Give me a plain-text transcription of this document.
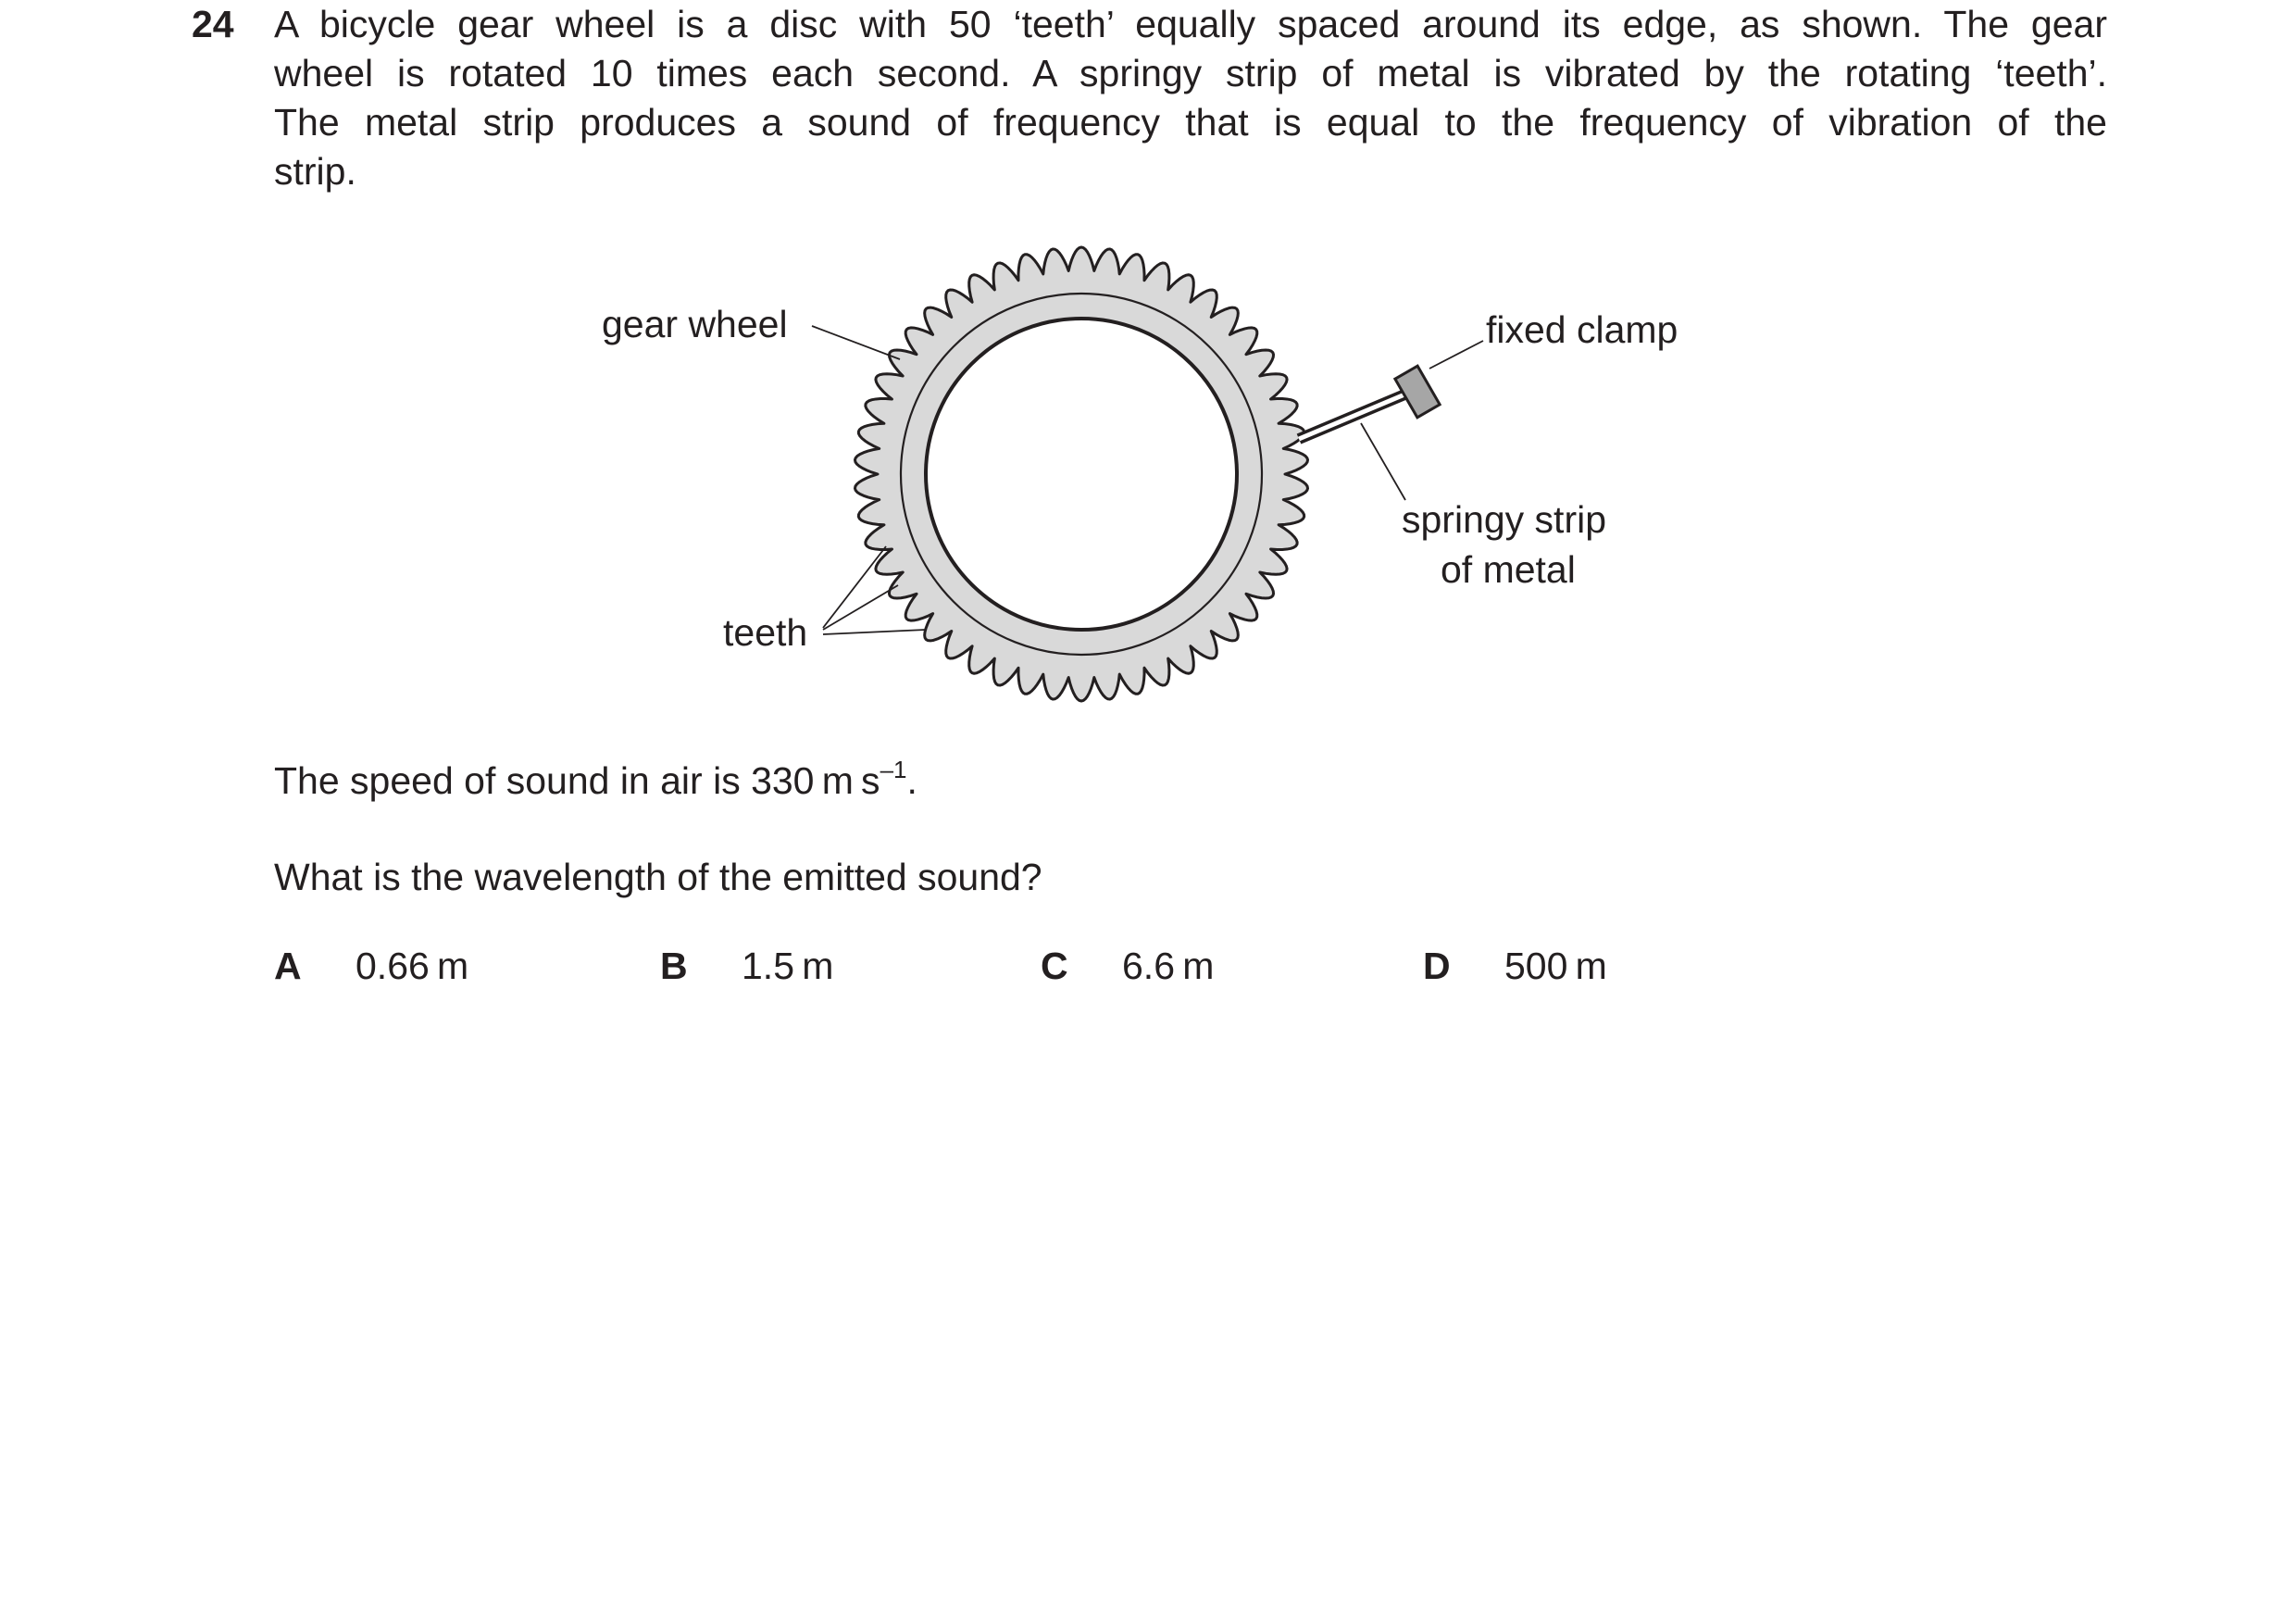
24 A bicycle gear wheel is a disc with 50 ‘teeth’ equally spaced around its edge, as shown. The gear
wheel is rotated 10 times each second. A springy strip of metal is vibrated by the rotating ‘teeth’.
The metal strip produces a sound of frequency that is equal to the frequency of vibration of the
strip.
gear wheel	fixed clamp
springy strip
of metal
teeth
The speed of sound in air is 330 m $s^{-1}$.
What is the wavelength of the emitted sound?
A 0.66 m	B 1.5 m	C 6.6 m	D 500 m
